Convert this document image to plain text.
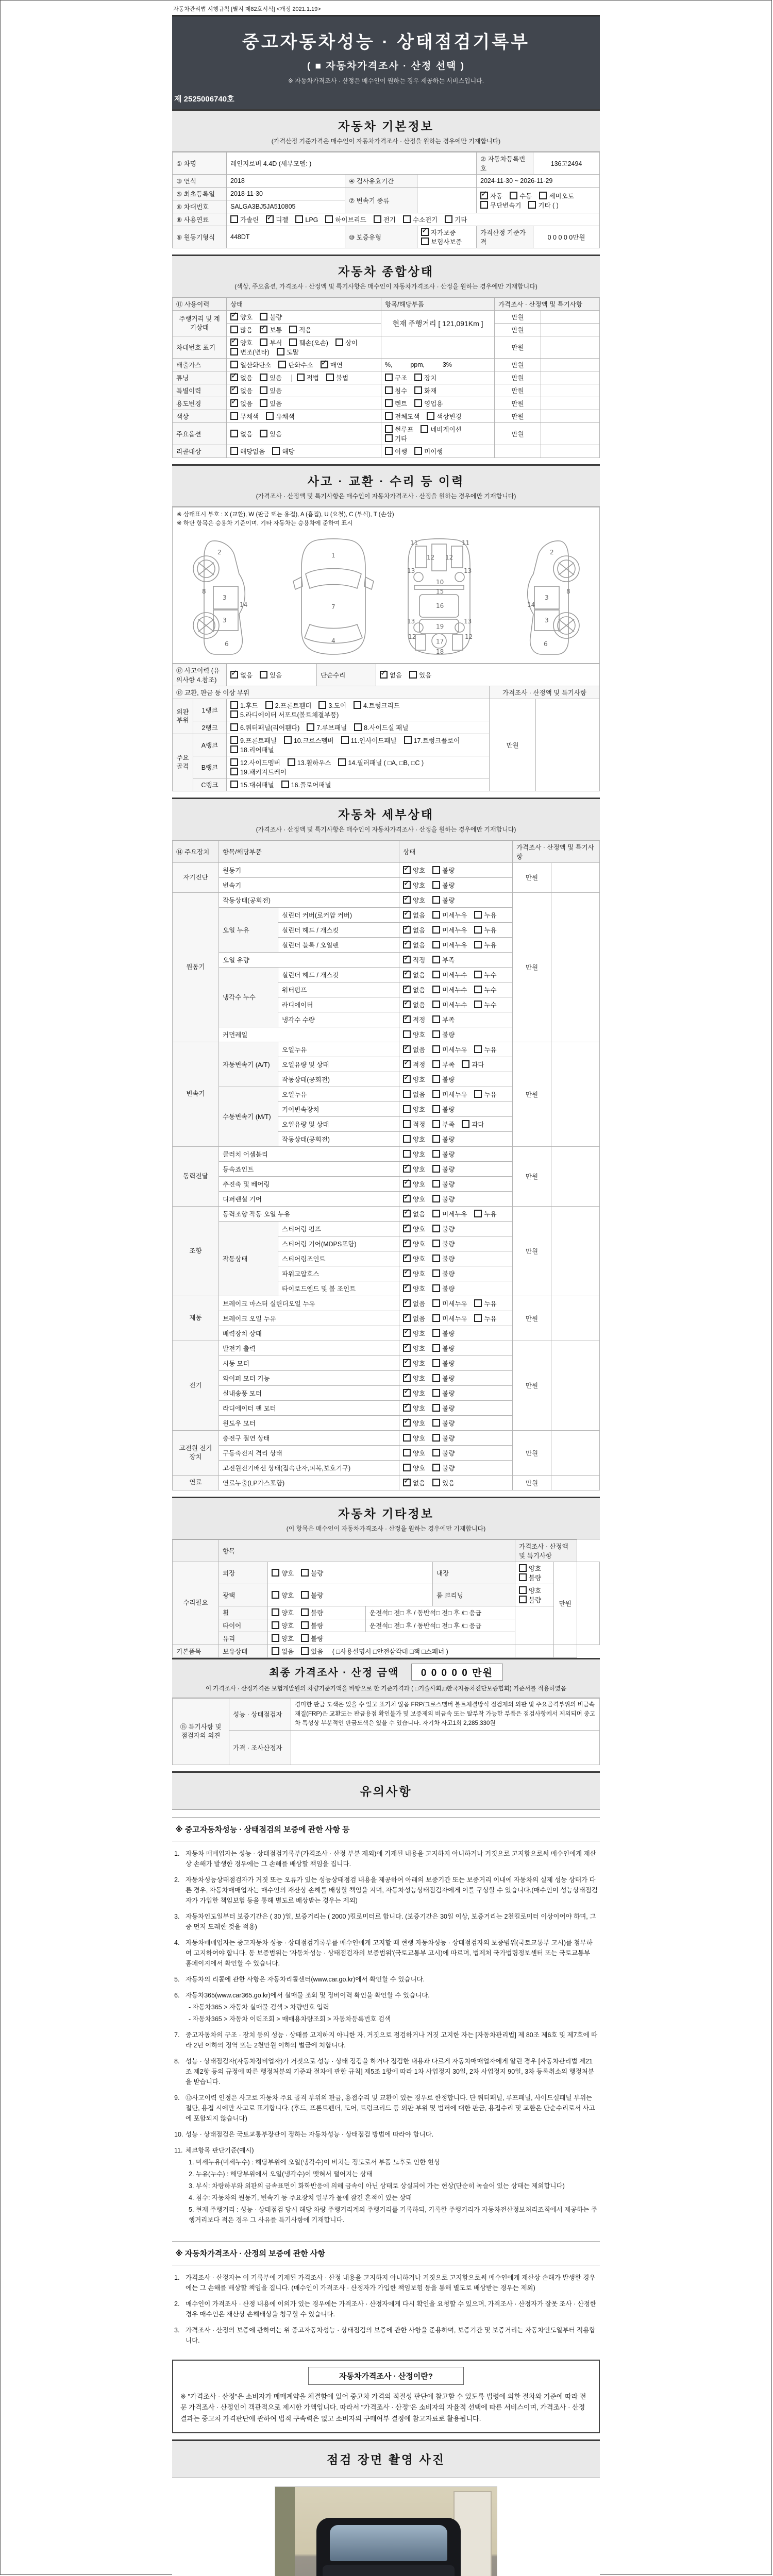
자동차관리법 시행규칙 [별지 제82호서식] <개정 2021.1.19>
중고자동차성능 · 상태점검기록부
( ■ 자동차가격조사 · 산정 선택 )
※ 자동차가격조사 · 산정은 매수인이 원하는 경우 제공하는 서비스입니다.
제 2525006740호
자동차 기본정보
(가격산정 기준가격은 매수인이 자동차가격조사 · 산정을 원하는 경우에만 기재합니다)
① 차명	레인지로버 4.4D (세부모델: )			② 자동차등록번호	136고2494
③ 연식	2018	④ 검사유효기간		2024-11-30 ~ 2026-11-29	
⑤ 최초등록일	2018-11-30	⑦ 변속기 종류		✓자동 수동 세미오토
무단변속기 기타 ( )
⑥ 차대번호	SALGA3BJ5JA510805				
⑧ 사용연료	가솔린 ✓ 디젤 LPG 하이브리드 전기 수소전기 기타
⑨ 원동기형식	448DT	⑩ 보증유형	✓자가보증보험사보증	가격산정 기준가격	0 0 0 0 0만원
자동차 종합상태
(색상, 주요옵션, 가격조사 · 산정액 및 특기사항은 매수인이 자동차가격조사 · 산정을 원하는 경우에만 기재합니다)
⑪ 사용이력	상태	항목/해당부품	가격조사 · 산정액 및 특기사항	
주행거리 및 계기상태	✓양호 불량	현재 주행거리 [ 121,091Km ]	만원	
	많음 ✓ 보통 적음		만원	
차대번호 표기	✓양호 부식 훼손(오손) 상이변조(변타) 도말		만원	
배출가스	일산화탄소 탄화수소 ✓ 매연	%,          ppm,          3%	만원	
튜닝	✓없음 있음 적법 불법	구조 장치	만원	
특별이력	✓없음 있음	침수 화재	만원	
용도변경	✓없음 있음	렌트 영업용	만원	
색상	무채색 유채색	전체도색 색상변경	만원	
주요옵션	없음 있음	썬루프 네비게이션기타	만원	
리콜대상	해당없음 해당	이행 미이행		
사고 · 교환 · 수리 등 이력
(가격조사 · 산정액 및 특기사항은 매수인이 자동차가격조사 · 산정을 원하는 경우에만 기재합니다)
※ 상태표시 부호 : X (교환), W (판금 또는 용접), A (흠집), U (요철), C (부식), T (손상)
※ 하단 항목은 승용차 기준이며, 기타 자동차는 승용차에 준하여 표시
2
8
3
14
3
6
1
7
4
11	11
12 12
13	13
10
15
16
13	13
19
12	12
17
18
2
8
3
14
3
6
⑫ 사고이력 (유의사항 4.참조)	✓없음 있음	단순수리	✓없음 있음
⑬ 교환, 판금 등 이상 부위					가격조사 · 산정액 및 특기사항	
외판부위	1랭크	1.후드 2.프론트휀더 3.도어 4.트렁크리드5.라디에이터 서포트(볼트체결부품)			만원	
	2랭크	6.쿼터패널(리어휀다) 7.루브패널 8.사이드실 패널				
주요골격	A랭크	9.프론트패널 10.크로스멤버 11.인사이드패널 17.트렁크플로어18.리어패널				
	B랭크	12.사이드멤버 13.휠하우스 14.필러패널 ( □A, □B, □C )19.패키지트레이				
	C랭크	15.대쉬패널 16.플로어패널				
자동차 세부상태
(가격조사 · 산정액 및 특기사항은 매수인이 자동차가격조사 · 산정을 원하는 경우에만 기재합니다)
⑭ 주요장치	항목/해당부품		상태	가격조사 · 산정액 및 특기사항	
자기진단	원동기	✓양호 불량	만원	
	변속기	✓양호 불량
원동기	작동상태(공회전)	✓양호 불량	만원	
	오일 누유	실린더 커버(로커암 커버)	✓없음 미세누유 누유
		실린더 헤드 / 개스킷	✓없음 미세누유 누유
		실린더 블록 / 오일팬	✓없음 미세누유 누유
	오일 유량	✓적정 부족
	냉각수 누수	실린더 헤드 / 개스킷	✓없음 미세누수 누수
		워터펌프	✓없음 미세누수 누수
		라디에이터	✓없음 미세누수 누수
		냉각수 수량	✓적정 부족
	커먼레일		양호 불량		
변속기	자동변속기 (A/T)	오일누유	✓없음 미세누유 누유	만원	
		오일유량 및 상태	✓적정 부족 과다
		작동상태(공회전)	✓양호 불량
	수동변속기 (M/T)	오일누유	없음 미세누유 누유		
		기어변속장치	양호 불량		
		오일유량 및 상태	적정 부족 과다		
		작동상태(공회전)	양호 불량		
동력전달	클러치 어셈블리		양호 불량	만원	
	등속죠인트	✓양호 불량
	추진축 및 베어링	✓양호 불량
	디퍼렌셜 기어	✓양호 불량
조향	동력조향 작동 오일 누유	✓없음 미세누유 누유	만원	
	작동상태	스티어링 펌프	✓양호 불량
		스티어링 기어(MDPS포함)	✓양호 불량
		스티어링조인트	✓양호 불량
		파워고압호스	✓양호 불량
		타이로드엔드 및 볼 조인트	✓양호 불량
제동	브레이크 마스터 실린더오일 누유	✓없음 미세누유 누유	만원	
	브레이크 오일 누유	✓없음 미세누유 누유
	배력장치 상태	✓양호 불량
전기	발전기 출력	✓양호 불량	만원	
	시동 모터	✓양호 불량
	와이퍼 모터 기능	✓양호 불량
	실내송풍 모터	✓양호 불량
	라디에이터 팬 모터	✓양호 불량
	윈도우 모터	✓양호 불량
고전원 전기장치	충전구 절연 상태		양호 불량	만원	
	구동축전지 격리 상태		양호 불량		
	고전원전기배선 상태(접속단자,피복,보호기구)		양호 불량		
연료	연료누출(LP가스포함)	✓없음 있음	만원	
자동차 기타정보
(이 항목은 매수인이 자동차가격조사 · 산정을 원하는 경우에만 기재합니다)
	항목				가격조사 · 산정액 및 특기사항		
수리필요	외장	양호 불량		내장	양호불량	만원	
	광택	양호 불량		룸 크리닝	양호불량		
	휠	양호 불량	운전석□ 전□ 후 / 동반석□ 전□ 후 /□ 응급				
	타이어	양호 불량	운전석□ 전□ 후 / 동반석□ 전□ 후 /□ 응급				
	유리	양호 불량					
기본품목	보유상태	없음 있음 ( □사용설명서 □안전삼각대 □잭 □스패너 )					
최종 가격조사 · 산정 금액 0 0 0 0 0 만원
이 가격조사 · 산정가격은 보험개발원의 차량기준가액을 바탕으로 한 기준가격과 ( □기술사회,□한국자동차진단보증협회) 기준서를 적용하였음
⑮ 특기사항 및 점검자의 의견	성능 · 상태점검자	경미한 판금 도색은 있을 수 있고 표기치 않음 FRP/크로스멤버 볼트체결방식 점검제외 외판 및 주요골격부위의 비금속재질(FRP)은 교환또는 판금용접 확인불가 및 보증제외 비금속 또는 탈부착 가능한 부품은 점검사항에서 제외되며 중고차 특성상 부분적인 판금도색은 있을 수 있습니다. 자기차 사고1회 2,285,330원
	가격 · 조사산정자	
유의사항
※ 중고자동차성능 · 상태점검의 보증에 관한 사항 등
1. 자동차 매매업자는 성능 · 상태점검기록부(가격조사 · 산정 부분 제외)에 기재된 내용을 고지하지 아니하거나 거짓으로 고지함으로써 매수인에게 재산상 손해가 발생한 경우에는 그 손해를 배상할 책임을 집니다.
2. 자동차성능상태점검자가 거짓 또는 오류가 있는 성능상태점검 내용을 제공하여 아래의 보증기간 또는 보증거리 이내에 자동차의 실제 성능 상태가 다른 경우, 자동차매매업자는 매수인의 재산상 손해를 배상할 책임을 지며, 자동차성능상태점검자에게 이를 구상할 수 있습니다.(매수인이 성능상태점검자가 가입한 책임보험 등을 통해 별도로 배상받는 경우는 제외)
3. 자동차인도일부터 보증기간은 ( 30 )일, 보증거리는 ( 2000 )킬로미터로 합니다. (보증기간은 30일 이상, 보증거리는 2천킬로미터 이상이어야 하며, 그 중 먼저 도래한 것을 적용)
4. 자동차매매업자는 중고자동차 성능 · 상태점검기록부를 매수인에게 고지할 때 현행 자동차성능 · 상태점검자의 보증범위(국토교통부 고시)를 첨부하여 고지하여야 합니다. 동 보증범위는 '자동차성능 · 상태점검자의 보증범위'(국토교통부 고시)에 따르며, 법제처 국가법령정보센터 또는 국토교통부 홈페이지에서 확인할 수 있습니다.
5. 자동차의 리콜에 관한 사항은 자동차리콜센터(www.car.go.kr)에서 확인할 수 있습니다.
6. 자동차365(www.car365.go.kr)에서 실매물 조회 및 정비이력 확인을 확인할 수 있습니다.
- 자동차365 > 자동차 실매물 검색 > 차량번호 입력
- 자동차365 > 자동차 이력조회 > 매매용차량조회 > 자동차등록번호 검색
7. 중고자동차의 구조 · 장치 등의 성능 · 상태를 고지하지 아니한 자, 거짓으로 점검하거나 거짓 고지한 자는 [자동차관리법] 제 80조 제6호 및 제7호에 따라 2년 이하의 징역 또는 2천만원 이하의 벌금에 처합니다.
8. 성능 · 상태점검자(자동차정비업자)가 거짓으로 성능 · 상태 점검을 하거나 점검한 내용과 다르게 자동차매매업자에게 알린 경우 [자동차관리법 제21조 제2항 등의 규정에 따른 행정처분의 기준과 절차에 관한 규칙] 제5조 1항에 따라 1차 사업정지 30일, 2차 사업정지 90일, 3차 등록취소의 행정처분을 받습니다.
9. ⑫사고이력 인정은 사고로 자동차 주요 골격 부위의 판금, 용접수리 및 교환이 있는 경우로 한정합니다. 단 쿼터패널, 루프패널, 사이드실패널 부위는 절단, 용접 시에만 사고로 표기합니다. (후드, 프론트펜더, 도어, 트렁크리드 등 외판 부위 및 범퍼에 대한 판금, 용접수리 및 교환은 단순수리로서 사고에 포함되지 않습니다)
10. 성능 · 상태점검은 국토교통부장관이 정하는 자동차성능 · 상태점검 방법에 따라야 합니다.
11. 체크항목 판단기준(예시)
1. 미세누유(미세누수) : 해당부위에 오일(냉각수)이 비치는 정도로서 부품 노후로 인한 현상
2. 누유(누수) : 해당부위에서 오일(냉각수)이 맺혀서 떨어지는 상태
3. 부식: 차량하부와 외판의 금속표면이 화학반응에 의해 금속이 아닌 상태로 상실되어 가는 현상(단순히 녹슬어 있는 상태는 제외합니다)
4. 침수: 자동차의 원동기, 변속기 등 주요장치 일부가 물에 잠긴 흔적이 있는 상태
5. 현재 주행거리 : 성능 · 상태점검 당시 해당 차량 주행거리계의 주행거리를 기록하되, 기록한 주행거리가 자동차전산정보처리조직에서 제공하는 주행거리보다 적은 경우 그 사유를 특기사항에 기재합니다.
※ 자동차가격조사 · 산정의 보증에 관한 사항
1. 가격조사 · 산정자는 이 기록부에 기재된 가격조사 · 산정 내용을 고지하지 아니하거나 거짓으로 고지함으로써 매수인에게 재산상 손해가 발생한 경우에는 그 손해를 배상할 책임을 집니다. (매수인이 가격조사 · 산정자가 가입한 책임보험 등을 통해 별도로 배상받는 경우는 제외)
2. 매수인이 가격조사 · 산정 내용에 이의가 있는 경우에는 가격조사 · 산정자에게 다시 확인을 요청할 수 있으며, 가격조사 · 산정자가 잘못 조사 · 산정한 경우 매수인은 재산상 손해배상을 청구할 수 있습니다.
3. 가격조사 · 산정의 보증에 관하여는 위 중고자동차성능 · 상태점검의 보증에 관한 사항을 준용하며, 보증기간 및 보증거리는 자동차인도일부터 적용합니다.
자동차가격조사 · 산정이란?
※ "가격조사 · 산정"은 소비자가 매매계약을 체결함에 있어 중고차 가격의 적절성 판단에 참고할 수 있도록 법령에 의한 절차와 기준에 따라 전문 가격조사 · 산정인이 객관적으로 제시한 가액입니다. 따라서 "가격조사 · 산정"은 소비자의 자율적 선택에 따른 서비스이며, 가격조사 · 산정 결과는 중고차 가격판단에 관하여 법적 구속력은 없고 소비자의 구매여부 결정에 참고자료로 활용됩니다.
점검 장면 촬영 사진
